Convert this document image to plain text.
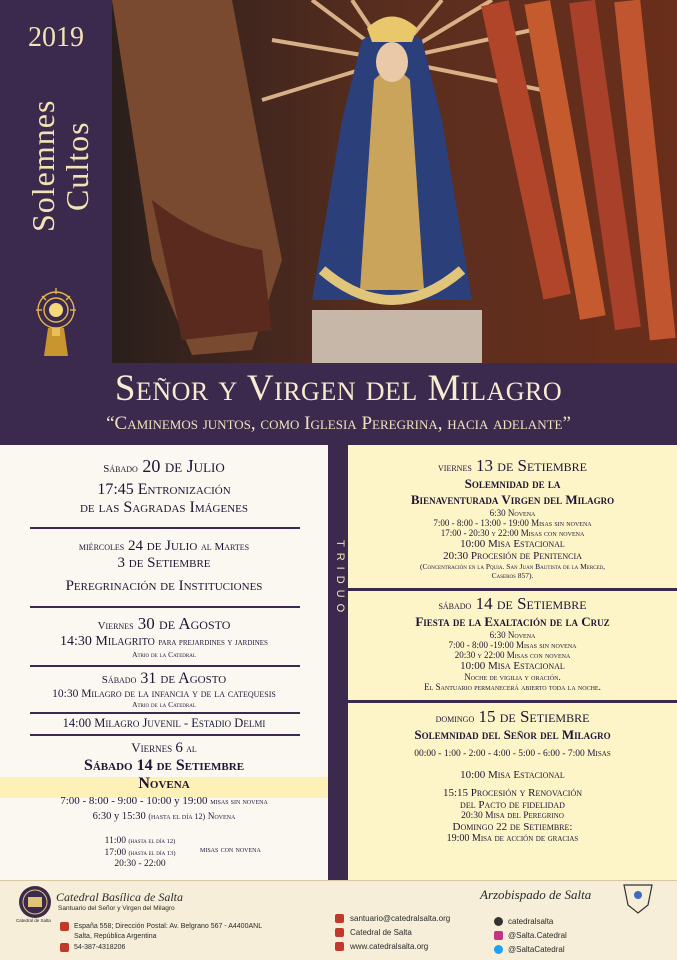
2019
Solemnes Cultos
Señor y Virgen del Milagro
“Caminemos juntos, como Iglesia Peregrina, hacia adelante”
Sábado 20 de Julio
17:45 Entronización
de las Sagradas Imágenes
miércoles 24 de Julio al Martes
3 de Setiembre
Peregrinación de Instituciones
Viernes 30 de Agosto
14:30 Milagrito para prejardines y jardines
Atrio de la Catedral
Sábado 31 de Agosto
10:30 Milagro de la infancia y de la catequesis
Atrio de la Catedral
14:00 Milagro Juvenil - Estadio Delmi
Viernes 6 al
Sábado 14 de Setiembre
Novena
7:00 - 8:00 - 9:00 - 10:00 y 19:00 misas sin novena
6:30 y 15:30 (hasta el día 12) Novena
11:00 (hasta el día 12)
17:00 (hasta el día 13)
20:30 - 22:00
misas con novena
TRIDUO
viernes 13 de Setiembre
Solemnidad de la
Bienaventurada Virgen del Milagro
6:30 Novena
7:00 - 8:00 - 13:00 - 19:00 Misas sin novena
17:00 - 20:30 y 22:00 Misas con novena
10:00 Misa Estacional
20:30 Procesión de Penitencia
(Concentración en la Pquia. San Juan Bautista de la Merced,
Caseros 857).
sábado 14 de Setiembre
Fiesta de la Exaltación de la Cruz
6:30 Novena
7:00 - 8:00 -19:00 Misas sin novena
20:30 y 22:00 Misas con novena
10:00 Misa Estacional
Noche de vigilia y oración.
El Santuario permanecerá abierto toda la noche.
domingo 15 de Setiembre
Solemnidad del Señor del Milagro
00:00 - 1:00 - 2:00 - 4:00 - 5:00 - 6:00 - 7:00 Misas
10:00 Misa Estacional
15:15 Procesión y Renovación
del Pacto de fidelidad
20:30 Misa del Peregrino
Domingo 22 de Setiembre:
19:00 Misa de acción de gracias
Catedral de Salta
Catedral Basílica de Salta
Santuario del Señor y Virgen del Milagro
España 558; Dirección Postal: Av. Belgrano 567 - A4400ANL
Salta, República Argentina
54-387-4318206
santuario@catedralsalta.org
Catedral de Salta
www.catedralsalta.org
Arzobispado de Salta
catedralsalta
@Salta.Catedral
@SaltaCatedral
